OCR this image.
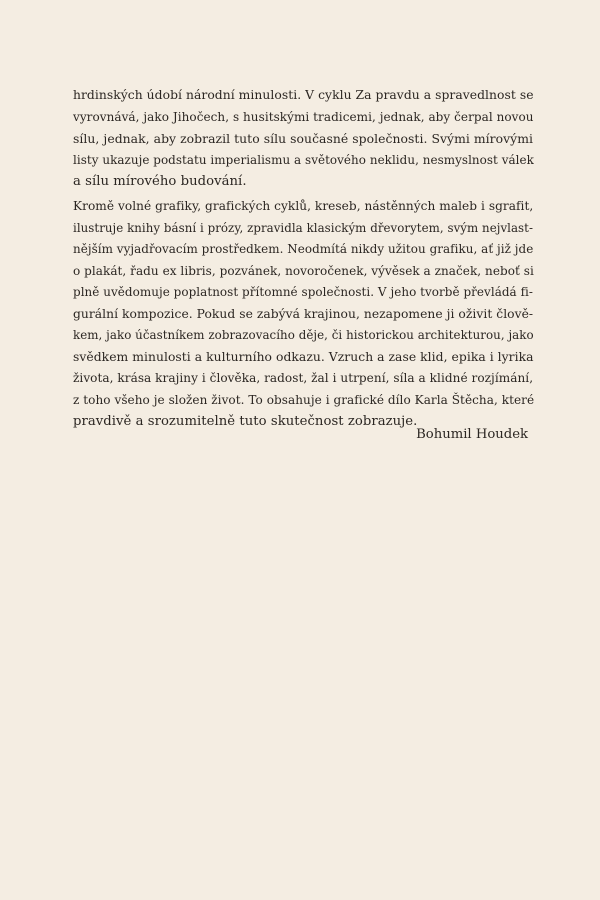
hrdinských údobí národní minulosti. V cyklu Za pravdu a spravedlnost se
vyrovnává, jako Jihočech, s husitskými tradicemi, jednak, aby čerpal novou
sílu, jednak, aby zobrazil tuto sílu současné společnosti. Svými mírovými
listy ukazuje podstatu imperialismu a světového neklidu, nesmyslnost válek
a sílu mírového budování.
Kromě volné grafiky, grafických cyklů, kreseb, nástěnných maleb i sgrafit,
ilustruje knihy básní i prózy, zpravidla klasickým dřevorytem, svým nejvlast-
nějším vyjadřovacím prostředkem. Neodmítá nikdy užitou grafiku, ať již jde
o plakát, řadu ex libris, pozvánek, novoročenek, vývěsek a značek, neboť si
plně uvědomuje poplatnost přítomné společnosti. V jeho tvorbě převládá fi-
gurální kompozice. Pokud se zabývá krajinou, nezapomene ji oživit člově-
kem, jako účastníkem zobrazovacího děje, či historickou architekturou, jako
svědkem minulosti a kulturního odkazu. Vzruch a zase klid, epika i lyrika
života, krása krajiny i člověka, radost, žal i utrpení, síla a klidné rozjímání,
z toho všeho je složen život. To obsahuje i grafické dílo Karla Štěcha, které
pravdivě a srozumitelně tuto skutečnost zobrazuje.
Bohumil Houdek
